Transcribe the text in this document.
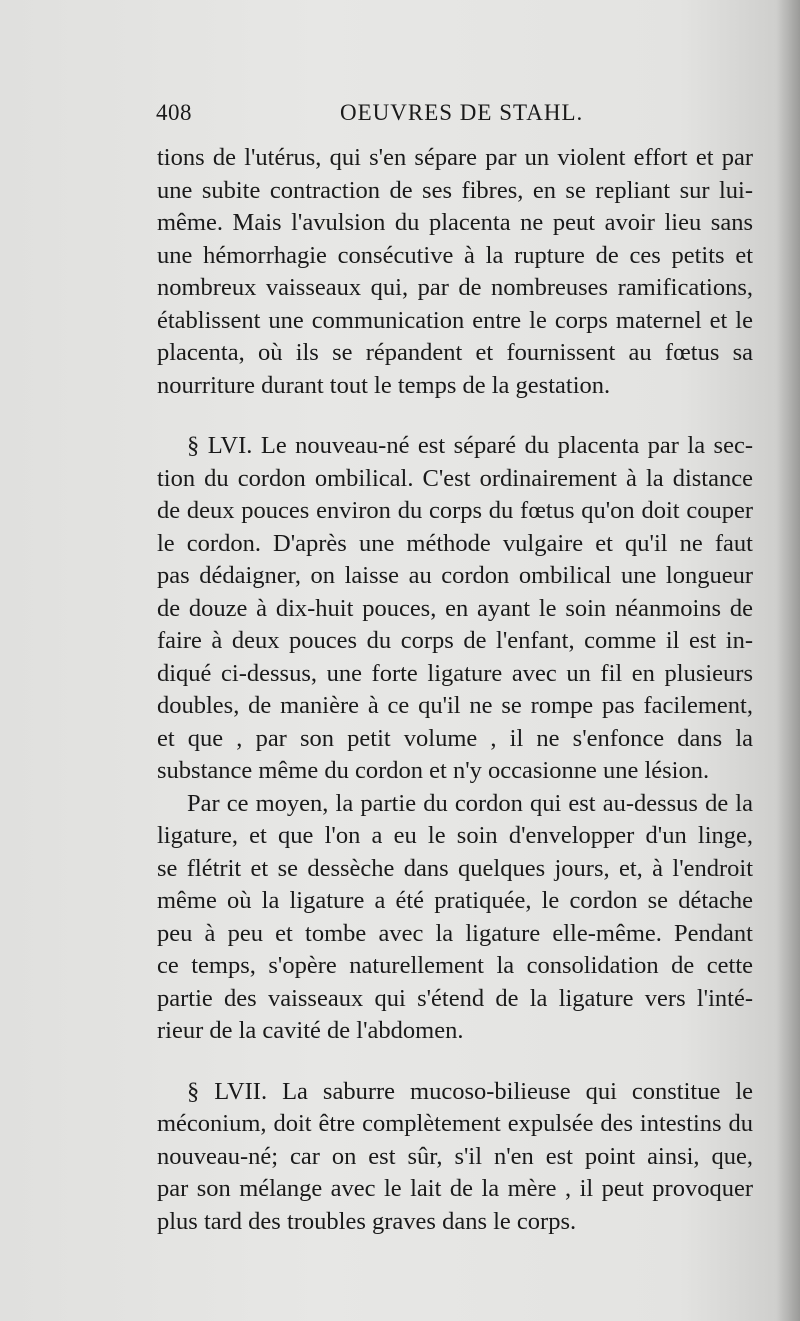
408	OEUVRES DE STAHL.
tions de l'utérus, qui s'en sépare par un violent effort et par
une subite contraction de ses fibres, en se repliant sur lui-
même. Mais l'avulsion du placenta ne peut avoir lieu sans
une hémorrhagie consécutive à la rupture de ces petits et
nombreux vaisseaux qui, par de nombreuses ramifications,
établissent une communication entre le corps maternel et le
placenta, où ils se répandent et fournissent au fœtus sa
nourriture durant tout le temps de la gestation.
§ LVI. Le nouveau-né est séparé du placenta par la sec-
tion du cordon ombilical. C'est ordinairement à la distance
de deux pouces environ du corps du fœtus qu'on doit couper
le cordon. D'après une méthode vulgaire et qu'il ne faut
pas dédaigner, on laisse au cordon ombilical une longueur
de douze à dix-huit pouces, en ayant le soin néanmoins de
faire à deux pouces du corps de l'enfant, comme il est in-
diqué ci-dessus, une forte ligature avec un fil en plusieurs
doubles, de manière à ce qu'il ne se rompe pas facilement,
et que , par son petit volume , il ne s'enfonce dans la
substance même du cordon et n'y occasionne une lésion.
Par ce moyen, la partie du cordon qui est au-dessus de la
ligature, et que l'on a eu le soin d'envelopper d'un linge,
se flétrit et se dessèche dans quelques jours, et, à l'endroit
même où la ligature a été pratiquée, le cordon se détache
peu à peu et tombe avec la ligature elle-même. Pendant
ce temps, s'opère naturellement la consolidation de cette
partie des vaisseaux qui s'étend de la ligature vers l'inté-
rieur de la cavité de l'abdomen.
§ LVII. La saburre mucoso-bilieuse qui constitue le
méconium, doit être complètement expulsée des intestins du
nouveau-né; car on est sûr, s'il n'en est point ainsi, que,
par son mélange avec le lait de la mère , il peut provoquer
plus tard des troubles graves dans le corps.
